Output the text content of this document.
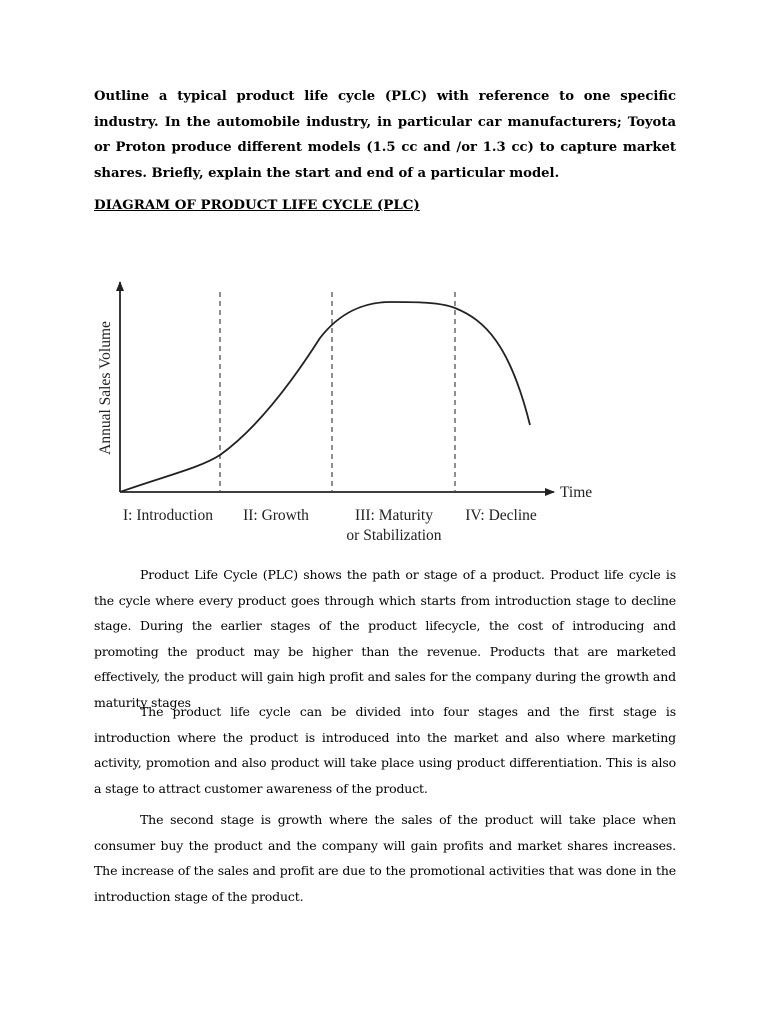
Outline a typical product life cycle (PLC) with reference to one specific industry. In the automobile industry, in particular car manufacturers; Toyota or Proton produce different models (1.5 cc and /or 1.3 cc) to capture market shares. Briefly, explain the start and end of a particular model.

DIAGRAM OF PRODUCT LIFE CYCLE (PLC)

Annual Sales Volume
Time
I: Introduction II: Growth	III: Maturity
or Stabilization
IV: Decline

Product Life Cycle (PLC) shows the path or stage of a product. Product life cycle is the cycle where every product goes through which starts from introduction stage to decline stage. During the earlier stages of the product lifecycle, the cost of introducing and promoting the product may be higher than the revenue. Products that are marketed effectively, the product will gain high profit and sales for the company during the growth and maturity stages

The product life cycle can be divided into four stages and the first stage is introduction where the product is introduced into the market and also where marketing activity, promotion and also product will take place using product differentiation. This is also a stage to attract customer awareness of the product.

The second stage is growth where the sales of the product will take place when consumer buy the product and the company will gain profits and market shares increases. The increase of the sales and profit are due to the promotional activities that was done in the introduction stage of the product.
